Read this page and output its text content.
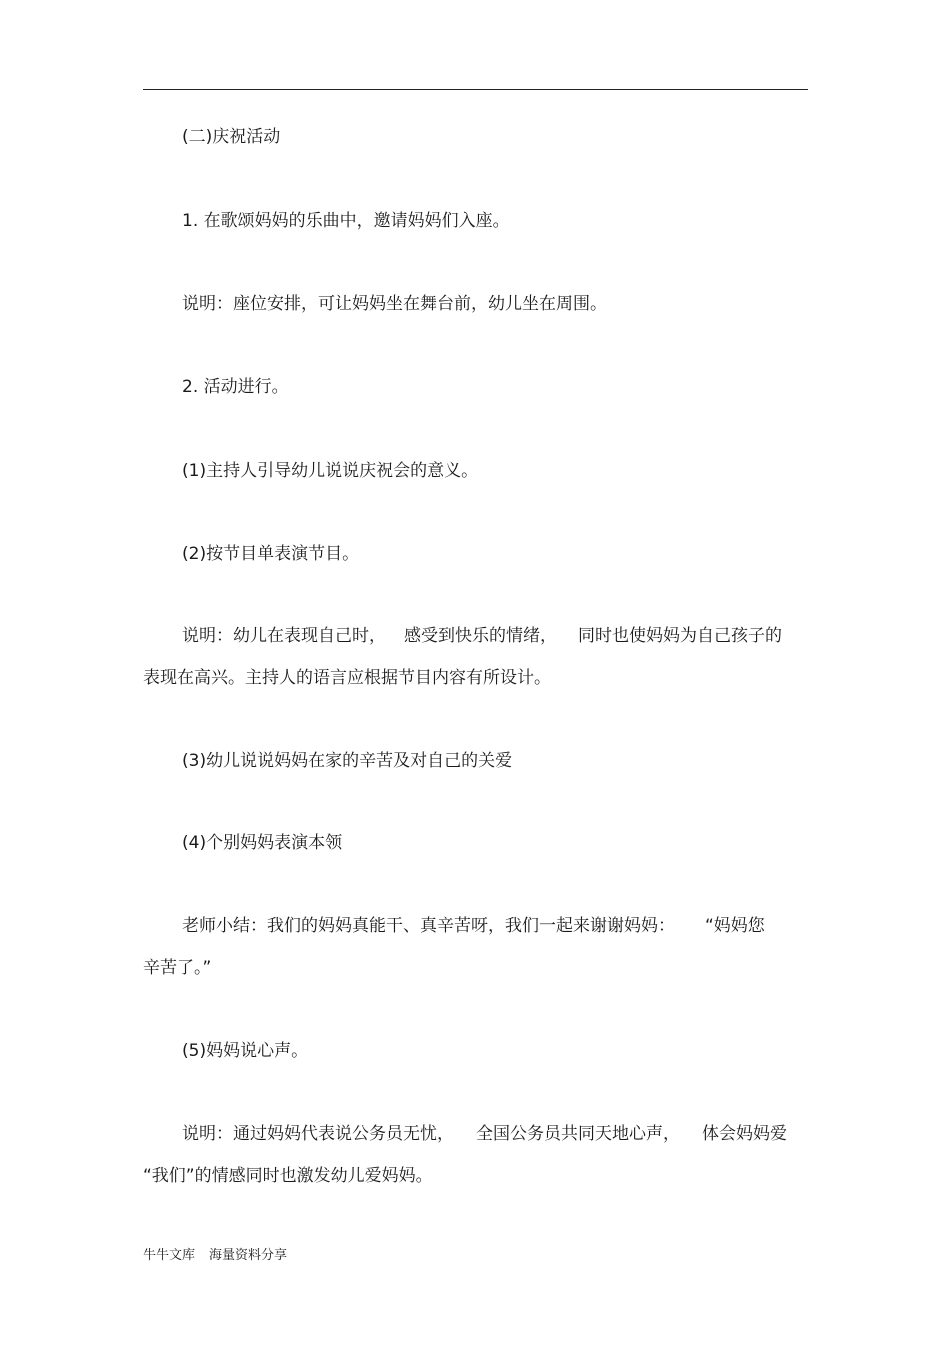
(二)庆祝活动
1. 在歌颂妈妈的乐曲中，邀请妈妈们入座。
说明：座位安排，可让妈妈坐在舞台前，幼儿坐在周围。
2. 活动进行。
(1)主持人引导幼儿说说庆祝会的意义。
(2)按节目单表演节目。
说明：幼儿在表现自己时， 感受到快乐的情绪， 同时也使妈妈为自己孩子的
表现在高兴。主持人的语言应根据节目内容有所设计。
(3)幼儿说说妈妈在家的辛苦及对自己的关爱
(4)个别妈妈表演本领
老师小结：我们的妈妈真能干、真辛苦呀，我们一起来谢谢妈妈： “妈妈您
辛苦了。”
(5)妈妈说心声。
说明：通过妈妈代表说公务员无忧， 全国公务员共同天地心声， 体会妈妈爱
“我们”的情感同时也激发幼儿爱妈妈。
牛牛文库 海量资料分享
